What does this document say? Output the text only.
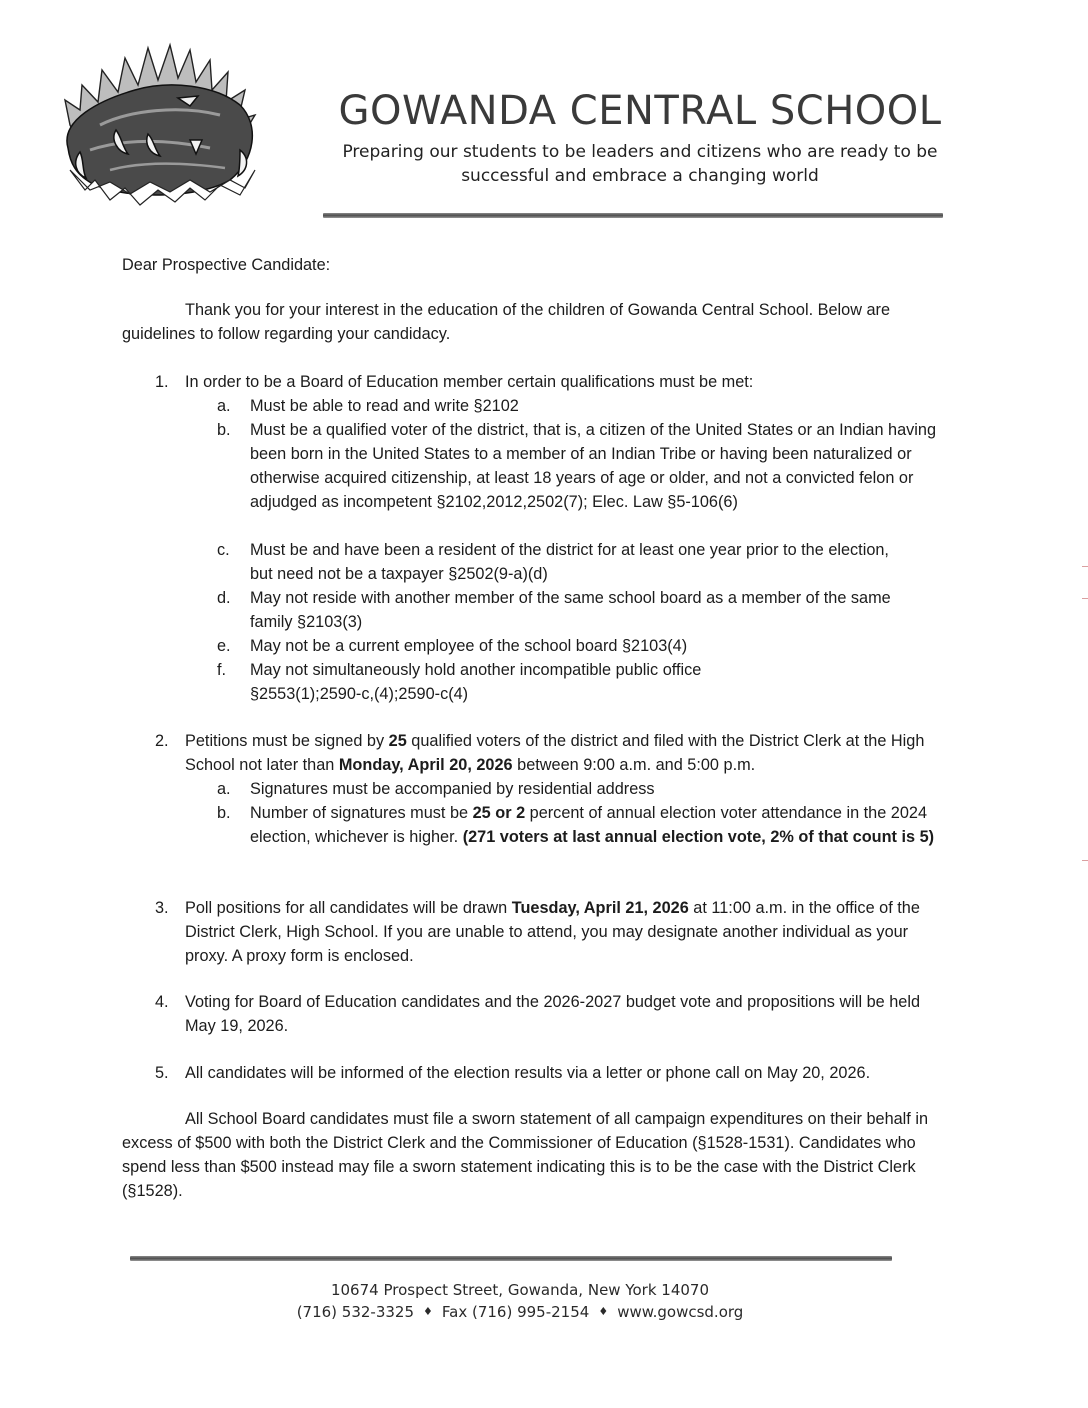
GOWANDA CENTRAL SCHOOL
Preparing our students to be leaders and citizens who are ready to be
successful and embrace a changing world
Dear Prospective Candidate:
Thank you for your interest in the education of the children of Gowanda Central School. Below are guidelines to follow regarding your candidacy.
1. In order to be a Board of Education member certain qualifications must be met:
a. Must be able to read and write §2102
b. Must be a qualified voter of the district, that is, a citizen of the United States or an Indian having been born in the United States to a member of an Indian Tribe or having been naturalized or otherwise acquired citizenship, at least 18 years of age or older, and not a convicted felon or adjudged as incompetent §2102,2012,2502(7); Elec. Law §5-106(6)
c. Must be and have been a resident of the district for at least one year prior to the election, but need not be a taxpayer §2502(9-a)(d)
d. May not reside with another member of the same school board as a member of the same family §2103(3)
e. May not be a current employee of the school board §2103(4)
f. May not simultaneously hold another incompatible public office §2553(1);2590-c,(4);2590-c(4)
2. Petitions must be signed by 25 qualified voters of the district and filed with the District Clerk at the High School not later than Monday, April 20, 2026 between 9:00 a.m. and 5:00 p.m.
a. Signatures must be accompanied by residential address
b. Number of signatures must be 25 or 2 percent of annual election voter attendance in the 2024 election, whichever is higher. (271 voters at last annual election vote, 2% of that count is 5)
3. Poll positions for all candidates will be drawn Tuesday, April 21, 2026 at 11:00 a.m. in the office of the District Clerk, High School. If you are unable to attend, you may designate another individual as your proxy. A proxy form is enclosed.
4. Voting for Board of Education candidates and the 2026-2027 budget vote and propositions will be held May 19, 2026.
5. All candidates will be informed of the election results via a letter or phone call on May 20, 2026.
All School Board candidates must file a sworn statement of all campaign expenditures on their behalf in excess of $500 with both the District Clerk and the Commissioner of Education (§1528-1531). Candidates who spend less than $500 instead may file a sworn statement indicating this is to be the case with the District Clerk (§1528).
10674 Prospect Street, Gowanda, New York 14070
(716) 532-3325 ♦ Fax (716) 995-2154 ♦ www.gowcsd.org
